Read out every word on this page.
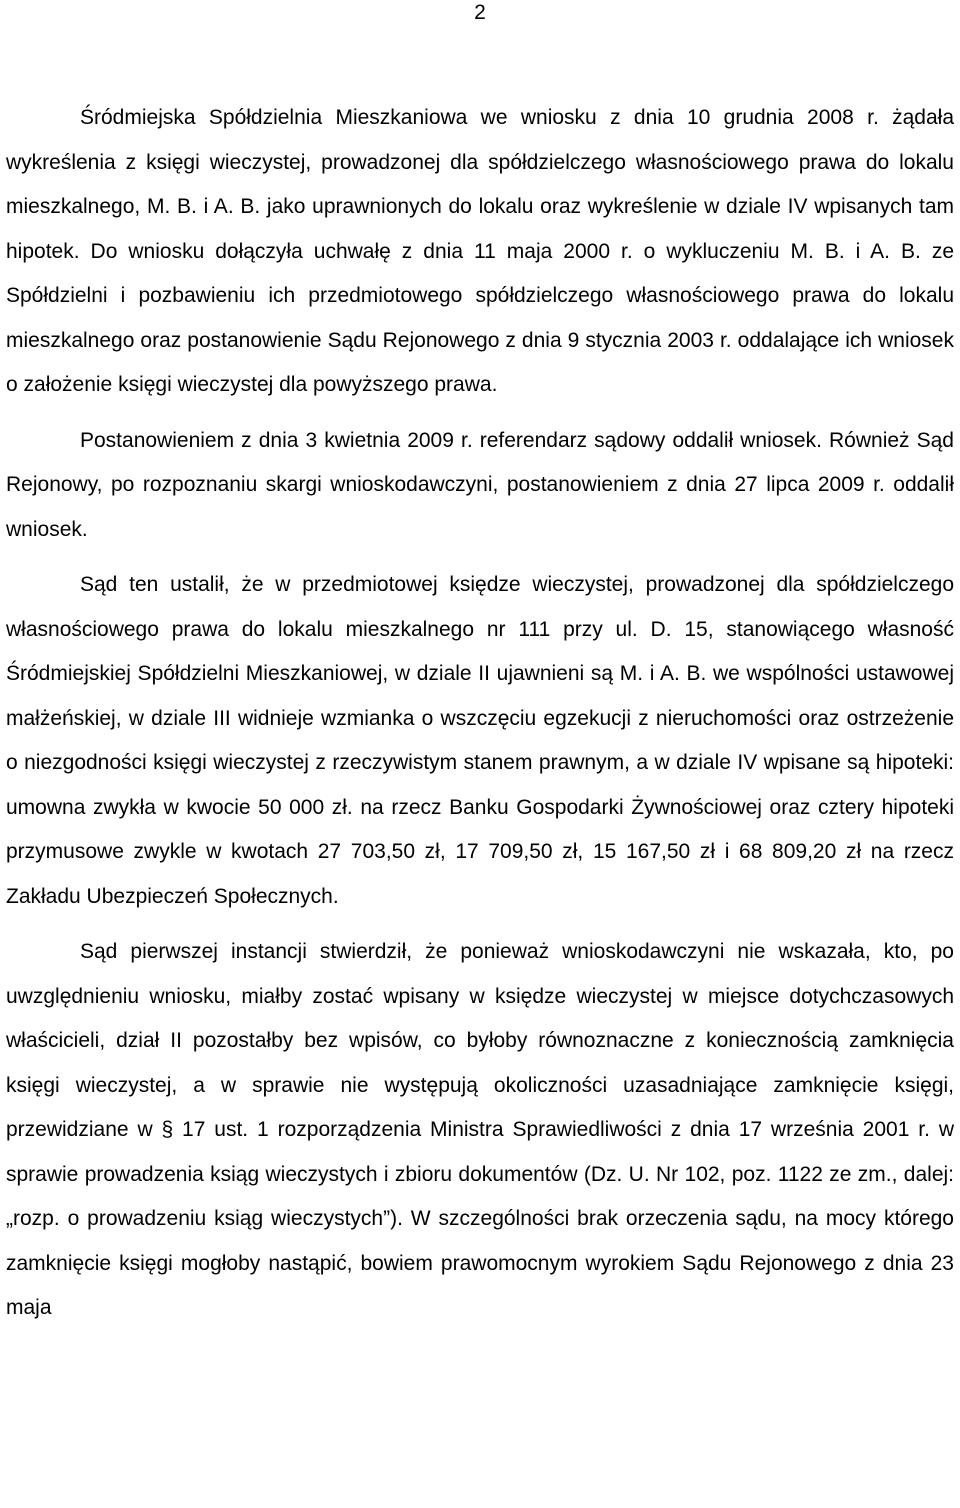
2

Śródmiejska Spółdzielnia Mieszkaniowa we wniosku z dnia 10 grudnia 2008 r. żądała wykreślenia z księgi wieczystej, prowadzonej dla spółdzielczego własnościowego prawa do lokalu mieszkalnego, M. B. i A. B. jako uprawnionych do lokalu oraz wykreślenie w dziale IV wpisanych tam hipotek. Do wniosku dołączyła uchwałę z dnia 11 maja 2000 r. o wykluczeniu M. B. i A. B. ze Spółdzielni i pozbawieniu ich przedmiotowego spółdzielczego własnościowego prawa do lokalu mieszkalnego oraz postanowienie Sądu Rejonowego z dnia 9 stycznia 2003 r. oddalające ich wniosek o założenie księgi wieczystej dla powyższego prawa.

Postanowieniem z dnia 3 kwietnia 2009 r. referendarz sądowy oddalił wniosek. Również Sąd Rejonowy, po rozpoznaniu skargi wnioskodawczyni, postanowieniem z dnia 27 lipca 2009 r. oddalił wniosek.

Sąd ten ustalił, że w przedmiotowej księdze wieczystej, prowadzonej dla spółdzielczego własnościowego prawa do lokalu mieszkalnego nr 111 przy ul. D. 15, stanowiącego własność Śródmiejskiej Spółdzielni Mieszkaniowej, w dziale II ujawnieni są M. i A. B. we wspólności ustawowej małżeńskiej, w dziale III widnieje wzmianka o wszczęciu egzekucji z nieruchomości oraz ostrzeżenie o niezgodności księgi wieczystej z rzeczywistym stanem prawnym, a w dziale IV wpisane są hipoteki: umowna zwykła w kwocie 50 000 zł. na rzecz Banku Gospodarki Żywnościowej oraz cztery hipoteki przymusowe zwykle w kwotach 27 703,50 zł, 17 709,50 zł, 15 167,50 zł i 68 809,20 zł na rzecz Zakładu Ubezpieczeń Społecznych.

Sąd pierwszej instancji stwierdził, że ponieważ wnioskodawczyni nie wskazała, kto, po uwzględnieniu wniosku, miałby zostać wpisany w księdze wieczystej w miejsce dotychczasowych właścicieli, dział II pozostałby bez wpisów, co byłoby równoznaczne z koniecznością zamknięcia księgi wieczystej, a w sprawie nie występują okoliczności uzasadniające zamknięcie księgi, przewidziane w § 17 ust. 1 rozporządzenia Ministra Sprawiedliwości z dnia 17 września 2001 r. w sprawie prowadzenia ksiąg wieczystych i zbioru dokumentów (Dz. U. Nr 102, poz. 1122 ze zm., dalej: „rozp. o prowadzeniu ksiąg wieczystych”). W szczególności brak orzeczenia sądu, na mocy którego zamknięcie księgi mogłoby nastąpić, bowiem prawomocnym wyrokiem Sądu Rejonowego z dnia 23 maja
